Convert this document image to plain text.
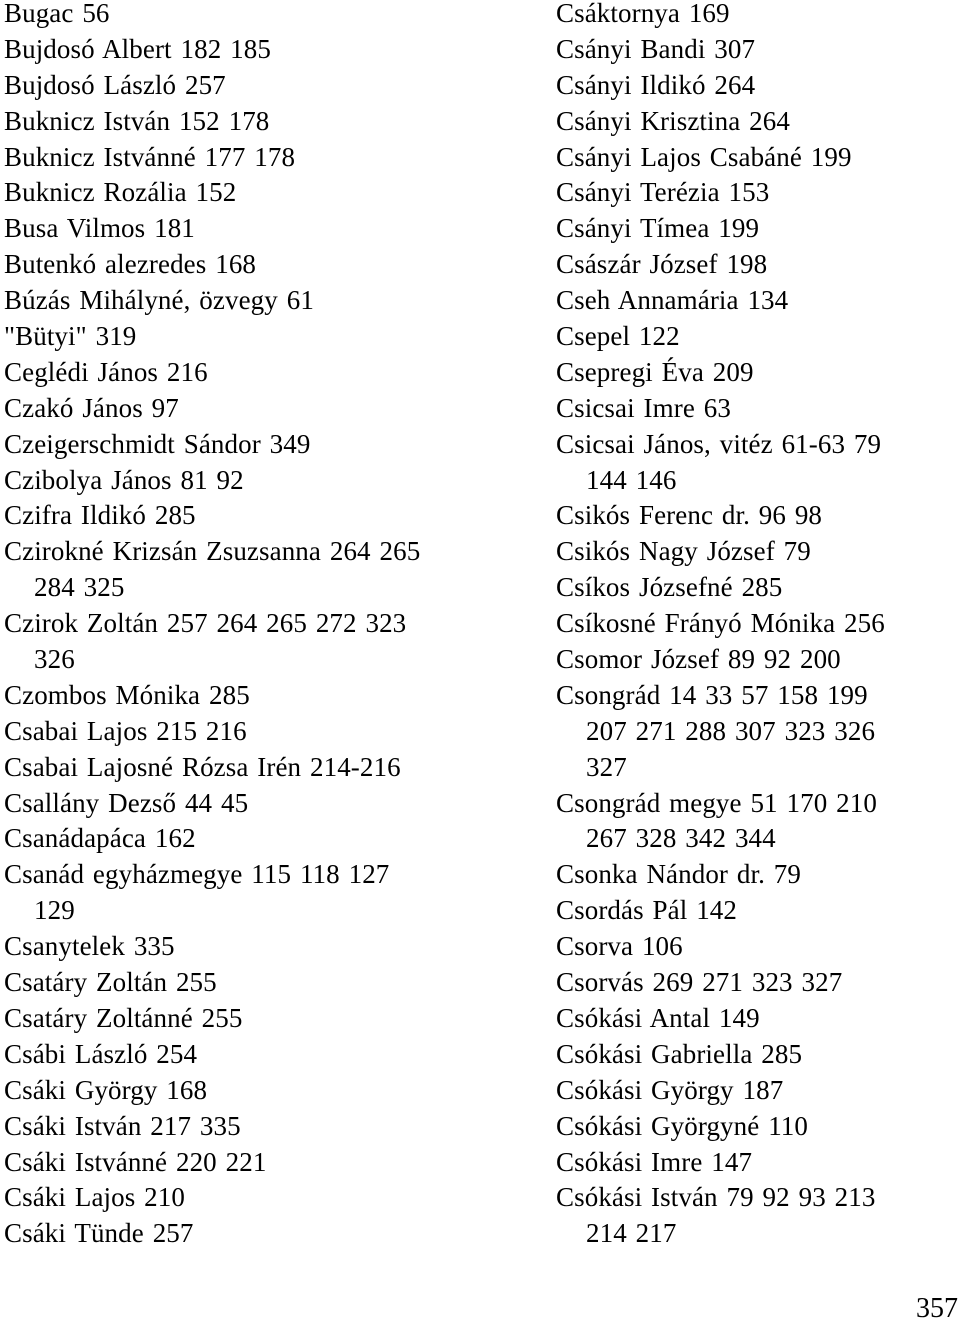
Bugac 56
Bujdosó Albert 182 185
Bujdosó László 257
Buknicz István 152 178
Buknicz Istvánné 177 178
Buknicz Rozália 152
Busa Vilmos 181
Butenkó alezredes 168
Búzás Mihályné, özvegy 61
"Bütyi" 319
Ceglédi János 216
Czakó János 97
Czeigerschmidt Sándor 349
Czibolya János 81 92
Czifra Ildikó 285
Czirokné Krizsán Zsuzsanna 264 265
284 325
Czirok Zoltán 257 264 265 272 323
326
Czombos Mónika 285
Csabai Lajos 215 216
Csabai Lajosné Rózsa Irén 214-216
Csallány Dezső 44 45
Csanádapáca 162
Csanád egyházmegye 115 118 127
129
Csanytelek 335
Csatáry Zoltán 255
Csatáry Zoltánné 255
Csábi László 254
Csáki György 168
Csáki István 217 335
Csáki Istvánné 220 221
Csáki Lajos 210
Csáki Tünde 257
Csáktornya 169
Csányi Bandi 307
Csányi Ildikó 264
Csányi Krisztina 264
Csányi Lajos Csabáné 199
Csányi Terézia 153
Csányi Tímea 199
Császár József 198
Cseh Annamária 134
Csepel 122
Csepregi Éva 209
Csicsai Imre 63
Csicsai János, vitéz 61-63 79
144 146
Csikós Ferenc dr. 96 98
Csikós Nagy József 79
Csíkos Józsefné 285
Csíkosné Frányó Mónika 256
Csomor József 89 92 200
Csongrád 14 33 57 158 199
207 271 288 307 323 326
327
Csongrád megye 51 170 210
267 328 342 344
Csonka Nándor dr. 79
Csordás Pál 142
Csorva 106
Csorvás 269 271 323 327
Csókási Antal 149
Csókási Gabriella 285
Csókási György 187
Csókási Györgyné 110
Csókási Imre 147
Csókási István 79 92 93 213
214 217
357
